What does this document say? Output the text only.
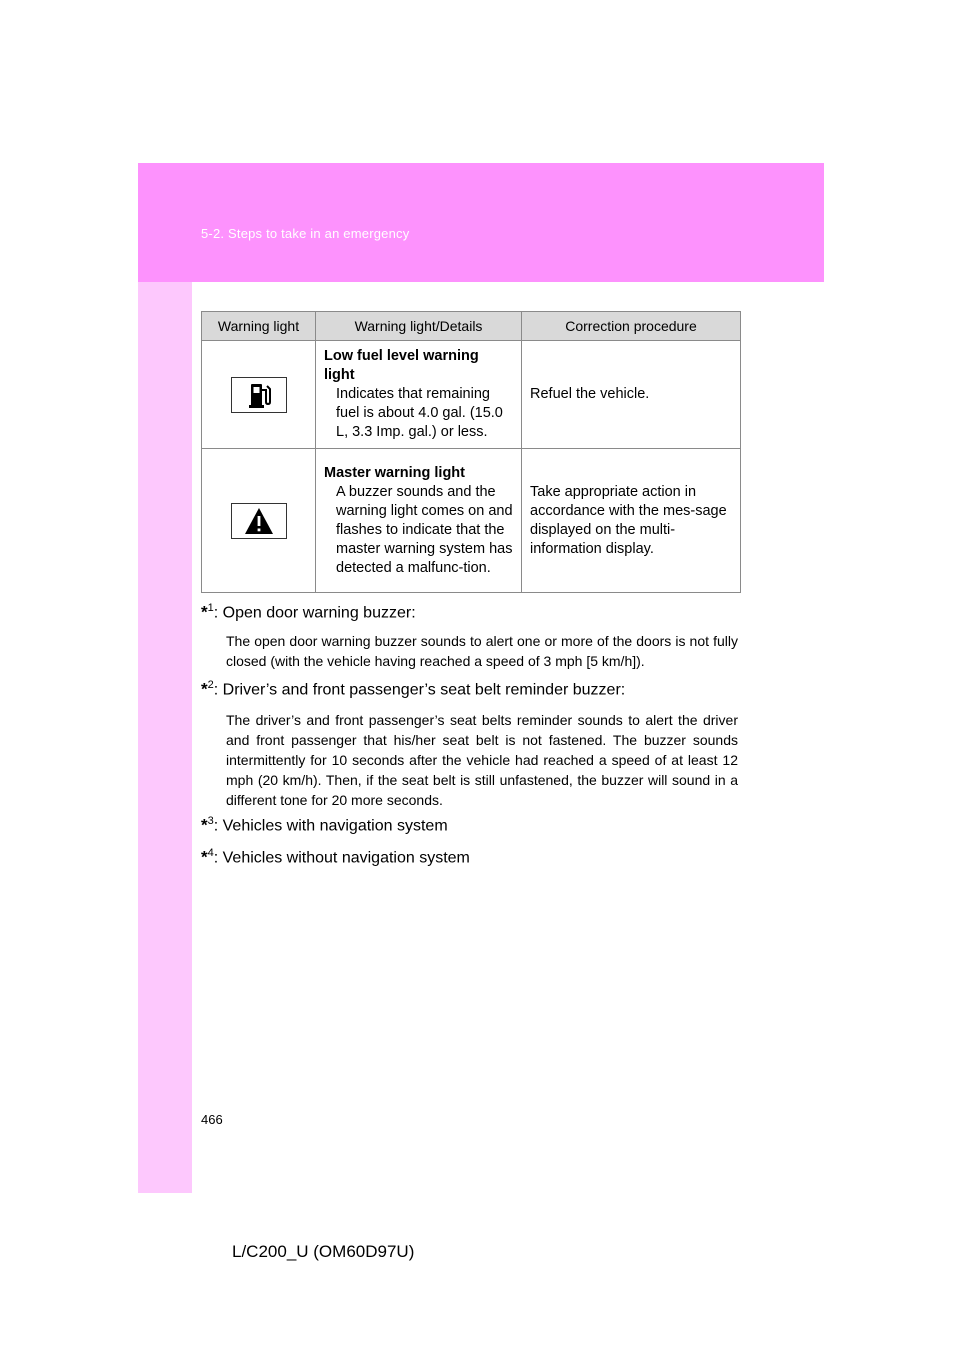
5-2. Steps to take in an emergency
Warning light	Warning light/Details	Correction procedure

Low fuel level warning light
Indicates that remaining fuel is about 4.0 gal. (15.0 L, 3.3 Imp. gal.) or less.	Refuel the vehicle.

Master warning light
A buzzer sounds and the warning light comes on and flashes to indicate that the master warning system has detected a malfunc-tion.	Take appropriate action in accordance with the mes-sage displayed on the multi-information display.
*$^1$: Open door warning buzzer:
The open door warning buzzer sounds to alert one or more of the doors is not fully closed (with the vehicle having reached a speed of 3 mph [5 km/h]).
*$^2$: Driver’s and front passenger’s seat belt reminder buzzer:
The driver’s and front passenger’s seat belts reminder sounds to alert the driver and front passenger that his/her seat belt is not fastened. The buzzer sounds intermittently for 10 seconds after the vehicle had reached a speed of at least 12 mph (20 km/h). Then, if the seat belt is still unfastened, the buzzer will sound in a different tone for 20 more seconds.
*$^3$: Vehicles with navigation system
*$^4$: Vehicles without navigation system
466
L/C200_U (OM60D97U)
